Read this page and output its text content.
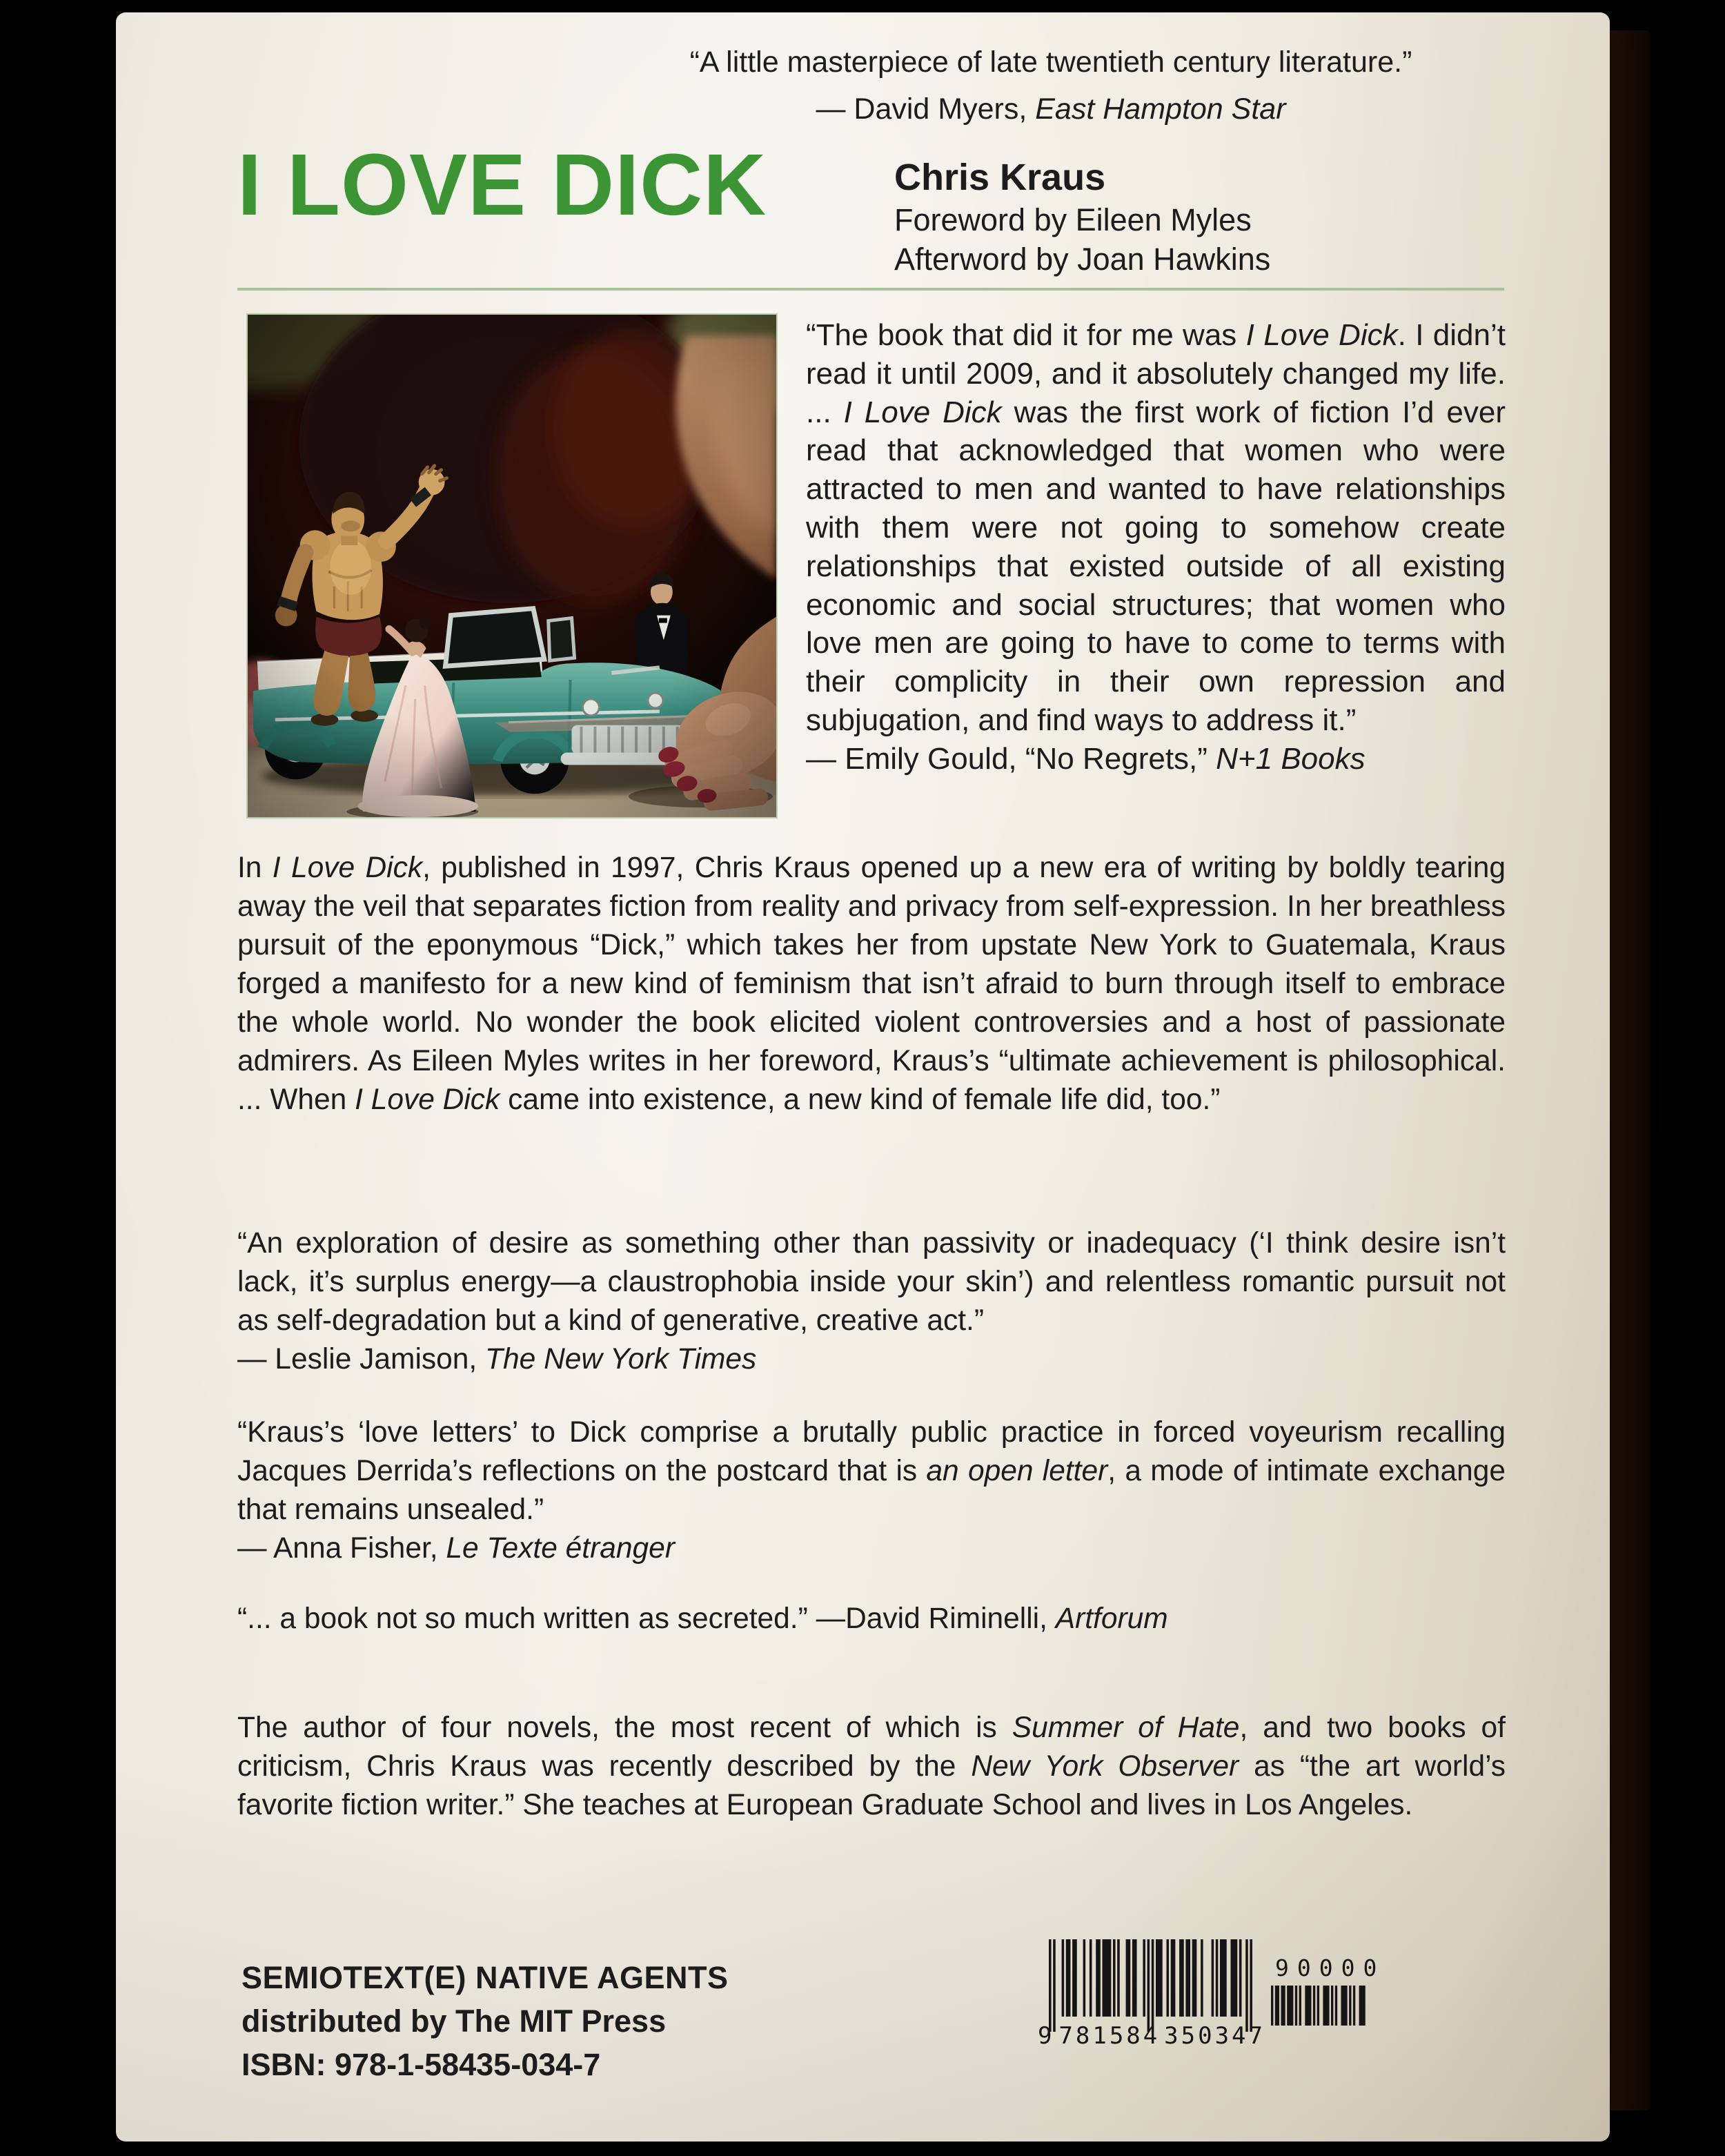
“A little masterpiece of late twentieth century literature.”
— David Myers, East Hampton Star
I LOVE DICK	Chris Kraus
Foreword by Eileen Myles
Afterword by Joan Hawkins
“The book that did it for me was I Love Dick. I didn’t read it until 2009, and it absolutely changed my life. ... I Love Dick was the first work of fiction I’d ever read that acknowledged that women who were attracted to men and wanted to have relationships with them were not going to somehow create relationships that existed outside of all existing economic and social structures; that women who love men are going to have to come to terms with their complicity in their own repression and subjugation, and find ways to address it.”
— Emily Gould, “No Regrets,” N+1 Books
In I Love Dick, published in 1997, Chris Kraus opened up a new era of writing by boldly tearing away the veil that separates fiction from reality and privacy from self-expression. In her breathless pursuit of the eponymous “Dick,” which takes her from upstate New York to Guatemala, Kraus forged a manifesto for a new kind of feminism that isn’t afraid to burn through itself to embrace the whole world. No wonder the book elicited violent controversies and a host of passionate admirers. As Eileen Myles writes in her foreword, Kraus’s “ultimate achievement is philosophical. ... When I Love Dick came into existence, a new kind of female life did, too.”
“An exploration of desire as something other than passivity or inadequacy (‘I think desire isn’t lack, it’s surplus energy—a claustrophobia inside your skin’) and relentless romantic pursuit not as self-degradation but a kind of generative, creative act.”
— Leslie Jamison, The New York Times
“Kraus’s ‘love letters’ to Dick comprise a brutally public practice in forced voyeurism recalling Jacques Derrida’s reflections on the postcard that is an open letter, a mode of intimate exchange that remains unsealed.”
— Anna Fisher, Le Texte étranger
“... a book not so much written as secreted.” —David Riminelli, Artforum
The author of four novels, the most recent of which is Summer of Hate, and two books of criticism, Chris Kraus was recently described by the New York Observer as “the art world’s favorite fiction writer.” She teaches at European Graduate School and lives in Los Angeles.
SEMIOTEXT(E) NATIVE AGENTS
distributed by The MIT Press
ISBN: 978-1-58435-034-7
9 781584 350347
90000
